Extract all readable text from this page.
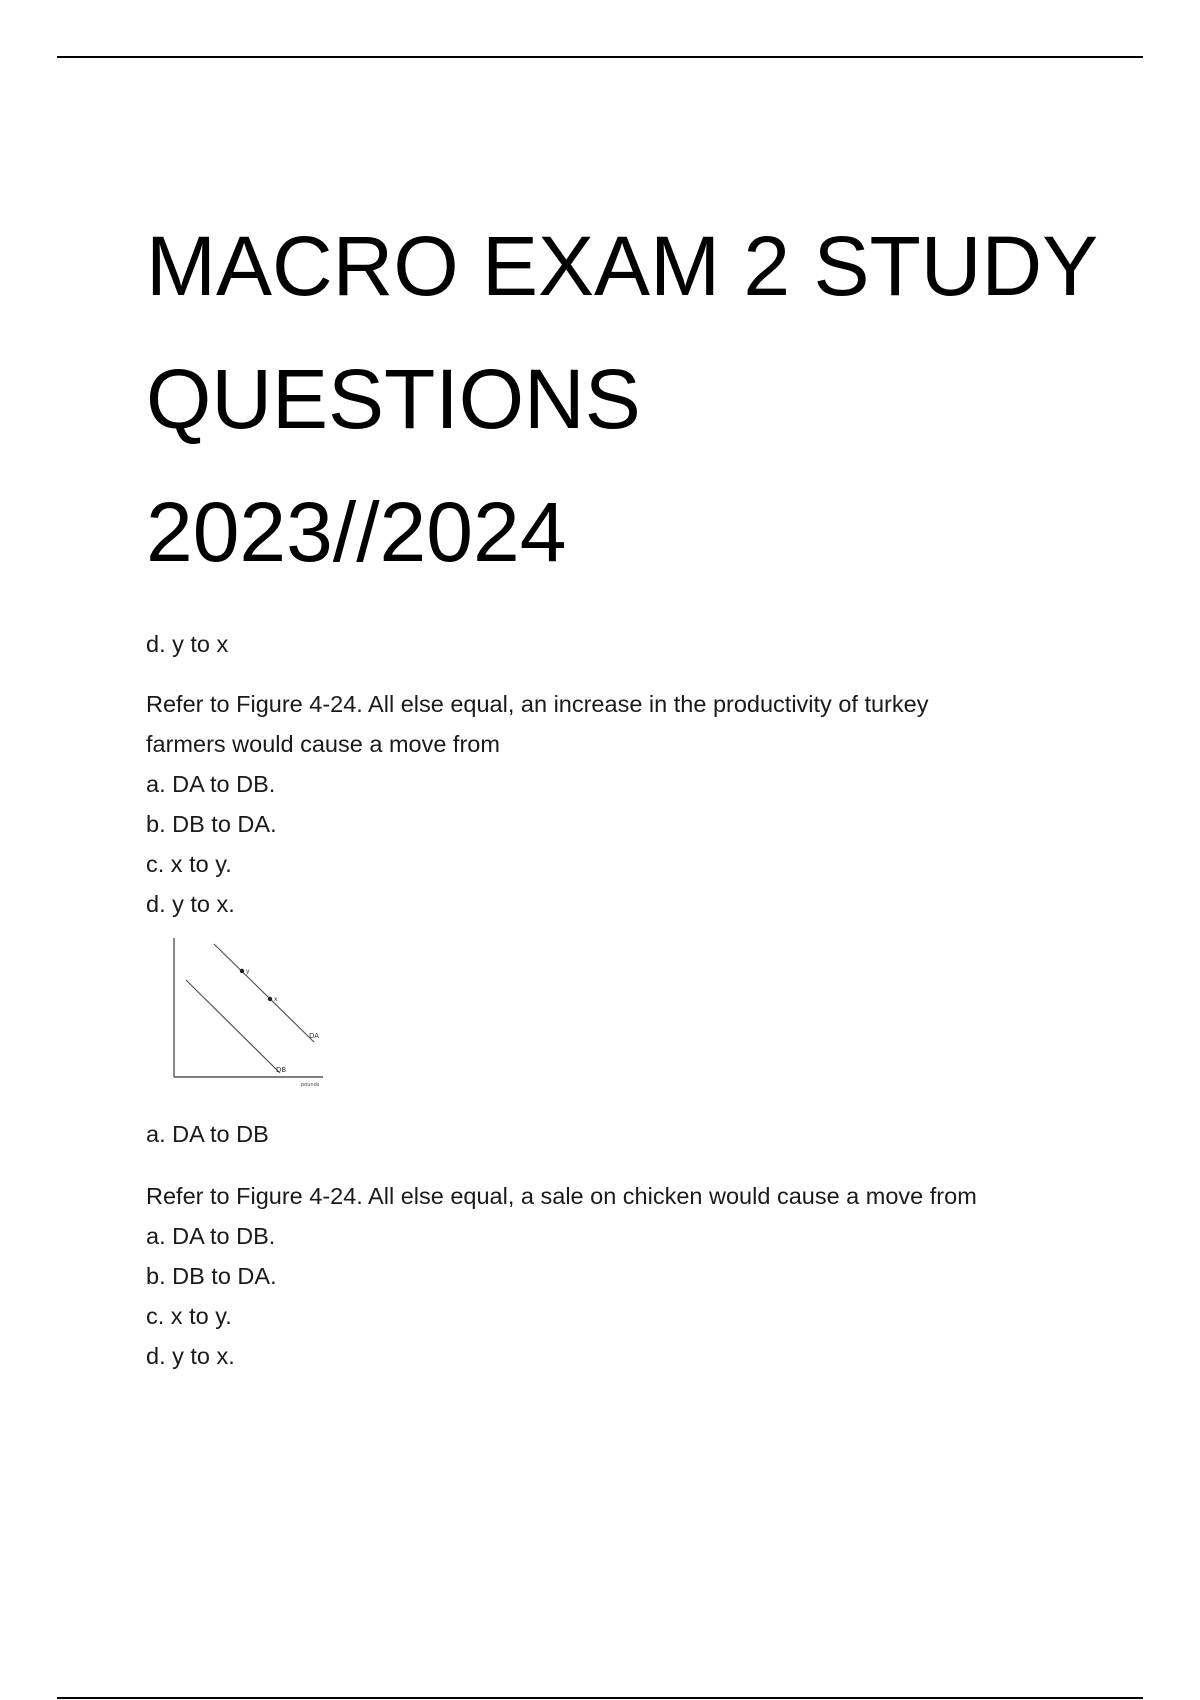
MACRO EXAM 2 STUDY
QUESTIONS
2023//2024

d. y to x

Refer to Figure 4-24. All else equal, an increase in the productivity of turkey

farmers would cause a move from

a. DA to DB.

b. DB to DA.

c. x to y.

d. y to x.

y
x
DA
DB
pounds

a. DA to DB

Refer to Figure 4-24. All else equal, a sale on chicken would cause a move from

a. DA to DB.

b. DB to DA.

c. x to y.

d. y to x.
